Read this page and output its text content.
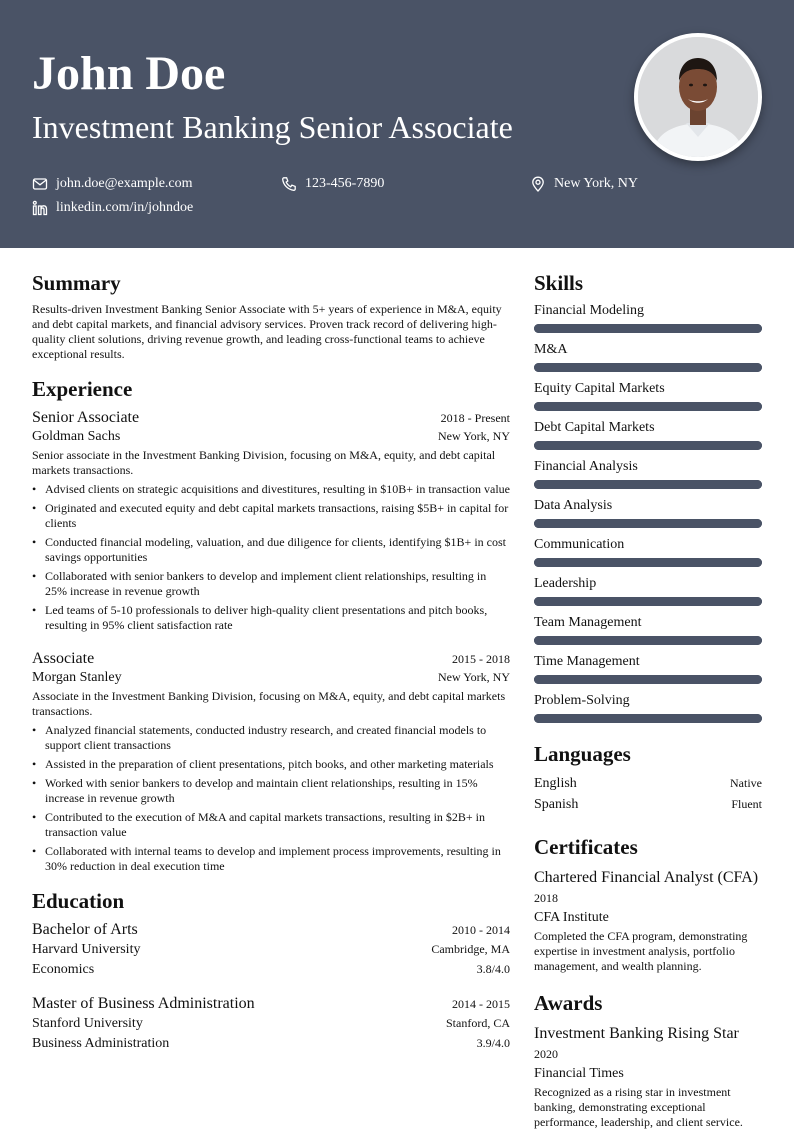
John Doe
Investment Banking Senior Associate
john.doe@example.com	123-456-7890	New York, NY
linkedin.com/in/johndoe
Summary
Results-driven Investment Banking Senior Associate with 5+ years of experience in M&A, equity and debt capital markets, and financial advisory services. Proven track record of delivering high-quality client solutions, driving revenue growth, and leading cross-functional teams to achieve exceptional results.
Experience
Senior Associate	2018 - Present
Goldman Sachs	New York, NY
Senior associate in the Investment Banking Division, focusing on M&A, equity, and debt capital markets transactions.
• Advised clients on strategic acquisitions and divestitures, resulting in $10B+ in transaction value
• Originated and executed equity and debt capital markets transactions, raising $5B+ in capital for clients
• Conducted financial modeling, valuation, and due diligence for clients, identifying $1B+ in cost savings opportunities
• Collaborated with senior bankers to develop and implement client relationships, resulting in 25% increase in revenue growth
• Led teams of 5-10 professionals to deliver high-quality client presentations and pitch books, resulting in 95% client satisfaction rate
Associate	2015 - 2018
Morgan Stanley	New York, NY
Associate in the Investment Banking Division, focusing on M&A, equity, and debt capital markets transactions.
• Analyzed financial statements, conducted industry research, and created financial models to support client transactions
• Assisted in the preparation of client presentations, pitch books, and other marketing materials
• Worked with senior bankers to develop and maintain client relationships, resulting in 15% increase in revenue growth
• Contributed to the execution of M&A and capital markets transactions, resulting in $2B+ in transaction value
• Collaborated with internal teams to develop and implement process improvements, resulting in 30% reduction in deal execution time
Education
Bachelor of Arts	2010 - 2014
Harvard University	Cambridge, MA
Economics	3.8/4.0
Master of Business Administration	2014 - 2015
Stanford University	Stanford, CA
Business Administration	3.9/4.0
Skills
Financial Modeling
M&A
Equity Capital Markets
Debt Capital Markets
Financial Analysis
Data Analysis
Communication
Leadership
Team Management
Time Management
Problem-Solving
Languages
English	Native
Spanish	Fluent
Certificates
Chartered Financial Analyst (CFA)
2018
CFA Institute
Completed the CFA program, demonstrating expertise in investment analysis, portfolio management, and wealth planning.
Awards
Investment Banking Rising Star
2020
Financial Times
Recognized as a rising star in investment banking, demonstrating exceptional performance, leadership, and client service.
